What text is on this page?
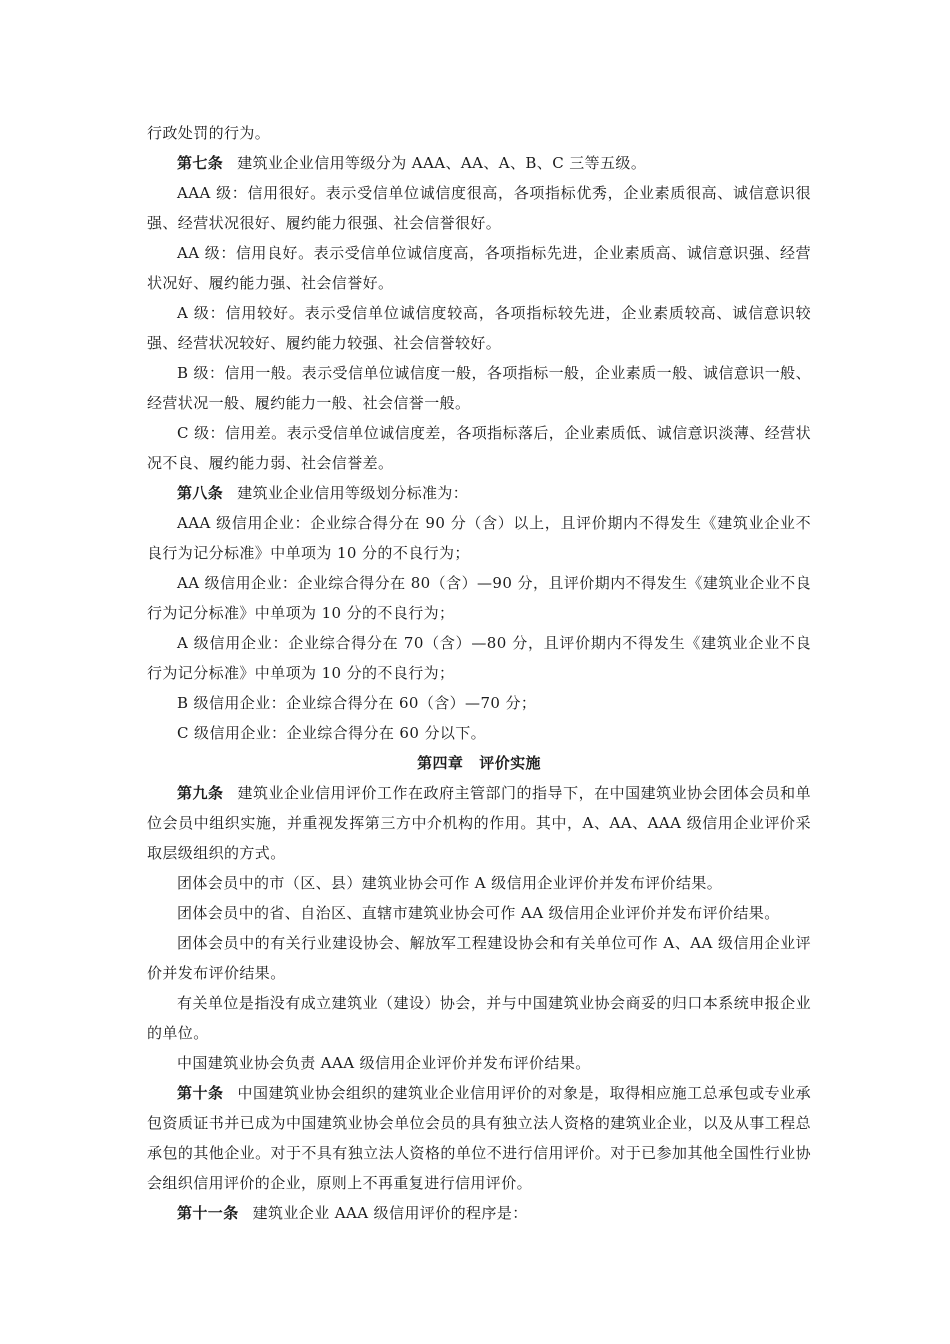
行政处罚的行为。

第七条 建筑业企业信用等级分为 AAA、AA、A、B、C 三等五级。

AAA 级：信用很好。表示受信单位诚信度很高，各项指标优秀，企业素质很高、诚信意识很强、经营状况很好、履约能力很强、社会信誉很好。

AA 级：信用良好。表示受信单位诚信度高，各项指标先进，企业素质高、诚信意识强、经营状况好、履约能力强、社会信誉好。

A 级：信用较好。表示受信单位诚信度较高，各项指标较先进，企业素质较高、诚信意识较强、经营状况较好、履约能力较强、社会信誉较好。

B 级：信用一般。表示受信单位诚信度一般，各项指标一般，企业素质一般、诚信意识一般、经营状况一般、履约能力一般、社会信誉一般。

C 级：信用差。表示受信单位诚信度差，各项指标落后，企业素质低、诚信意识淡薄、经营状况不良、履约能力弱、社会信誉差。

第八条 建筑业企业信用等级划分标准为：

AAA 级信用企业：企业综合得分在 90 分（含）以上，且评价期内不得发生《建筑业企业不良行为记分标准》中单项为 10 分的不良行为；

AA 级信用企业：企业综合得分在 80（含）—90 分，且评价期内不得发生《建筑业企业不良行为记分标准》中单项为 10 分的不良行为；

A 级信用企业：企业综合得分在 70（含）—80 分，且评价期内不得发生《建筑业企业不良行为记分标准》中单项为 10 分的不良行为；

B 级信用企业：企业综合得分在 60（含）—70 分；

C 级信用企业：企业综合得分在 60 分以下。

第四章 评价实施

第九条 建筑业企业信用评价工作在政府主管部门的指导下，在中国建筑业协会团体会员和单位会员中组织实施，并重视发挥第三方中介机构的作用。其中，A、AA、AAA 级信用企业评价采取层级组织的方式。

团体会员中的市（区、县）建筑业协会可作 A 级信用企业评价并发布评价结果。

团体会员中的省、自治区、直辖市建筑业协会可作 AA 级信用企业评价并发布评价结果。

团体会员中的有关行业建设协会、解放军工程建设协会和有关单位可作 A、AA 级信用企业评价并发布评价结果。

有关单位是指没有成立建筑业（建设）协会，并与中国建筑业协会商妥的归口本系统申报企业的单位。

中国建筑业协会负责 AAA 级信用企业评价并发布评价结果。

第十条 中国建筑业协会组织的建筑业企业信用评价的对象是，取得相应施工总承包或专业承包资质证书并已成为中国建筑业协会单位会员的具有独立法人资格的建筑业企业，以及从事工程总承包的其他企业。对于不具有独立法人资格的单位不进行信用评价。对于已参加其他全国性行业协会组织信用评价的企业，原则上不再重复进行信用评价。

第十一条 建筑业企业 AAA 级信用评价的程序是：
